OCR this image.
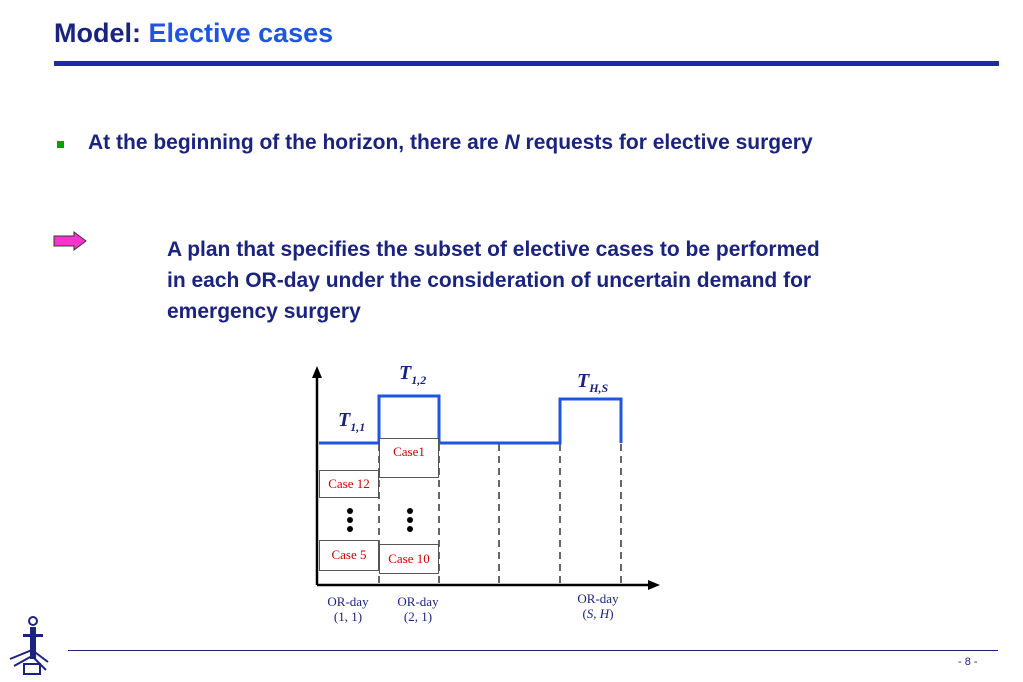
Model: Elective cases
At the beginning of the horizon, there are N requests for elective surgery
A plan that specifies the subset of elective cases to be performed
in each OR-day under the consideration of uncertain demand for
emergency surgery
Case 12
Case 5
Case1
Case 10
$T_{1,1}$
$T_{1,2}$	$T_{H,S}$
OR-day
(1, 1)
OR-day
(2, 1)
OR-day
(S, H)
- 8 -
